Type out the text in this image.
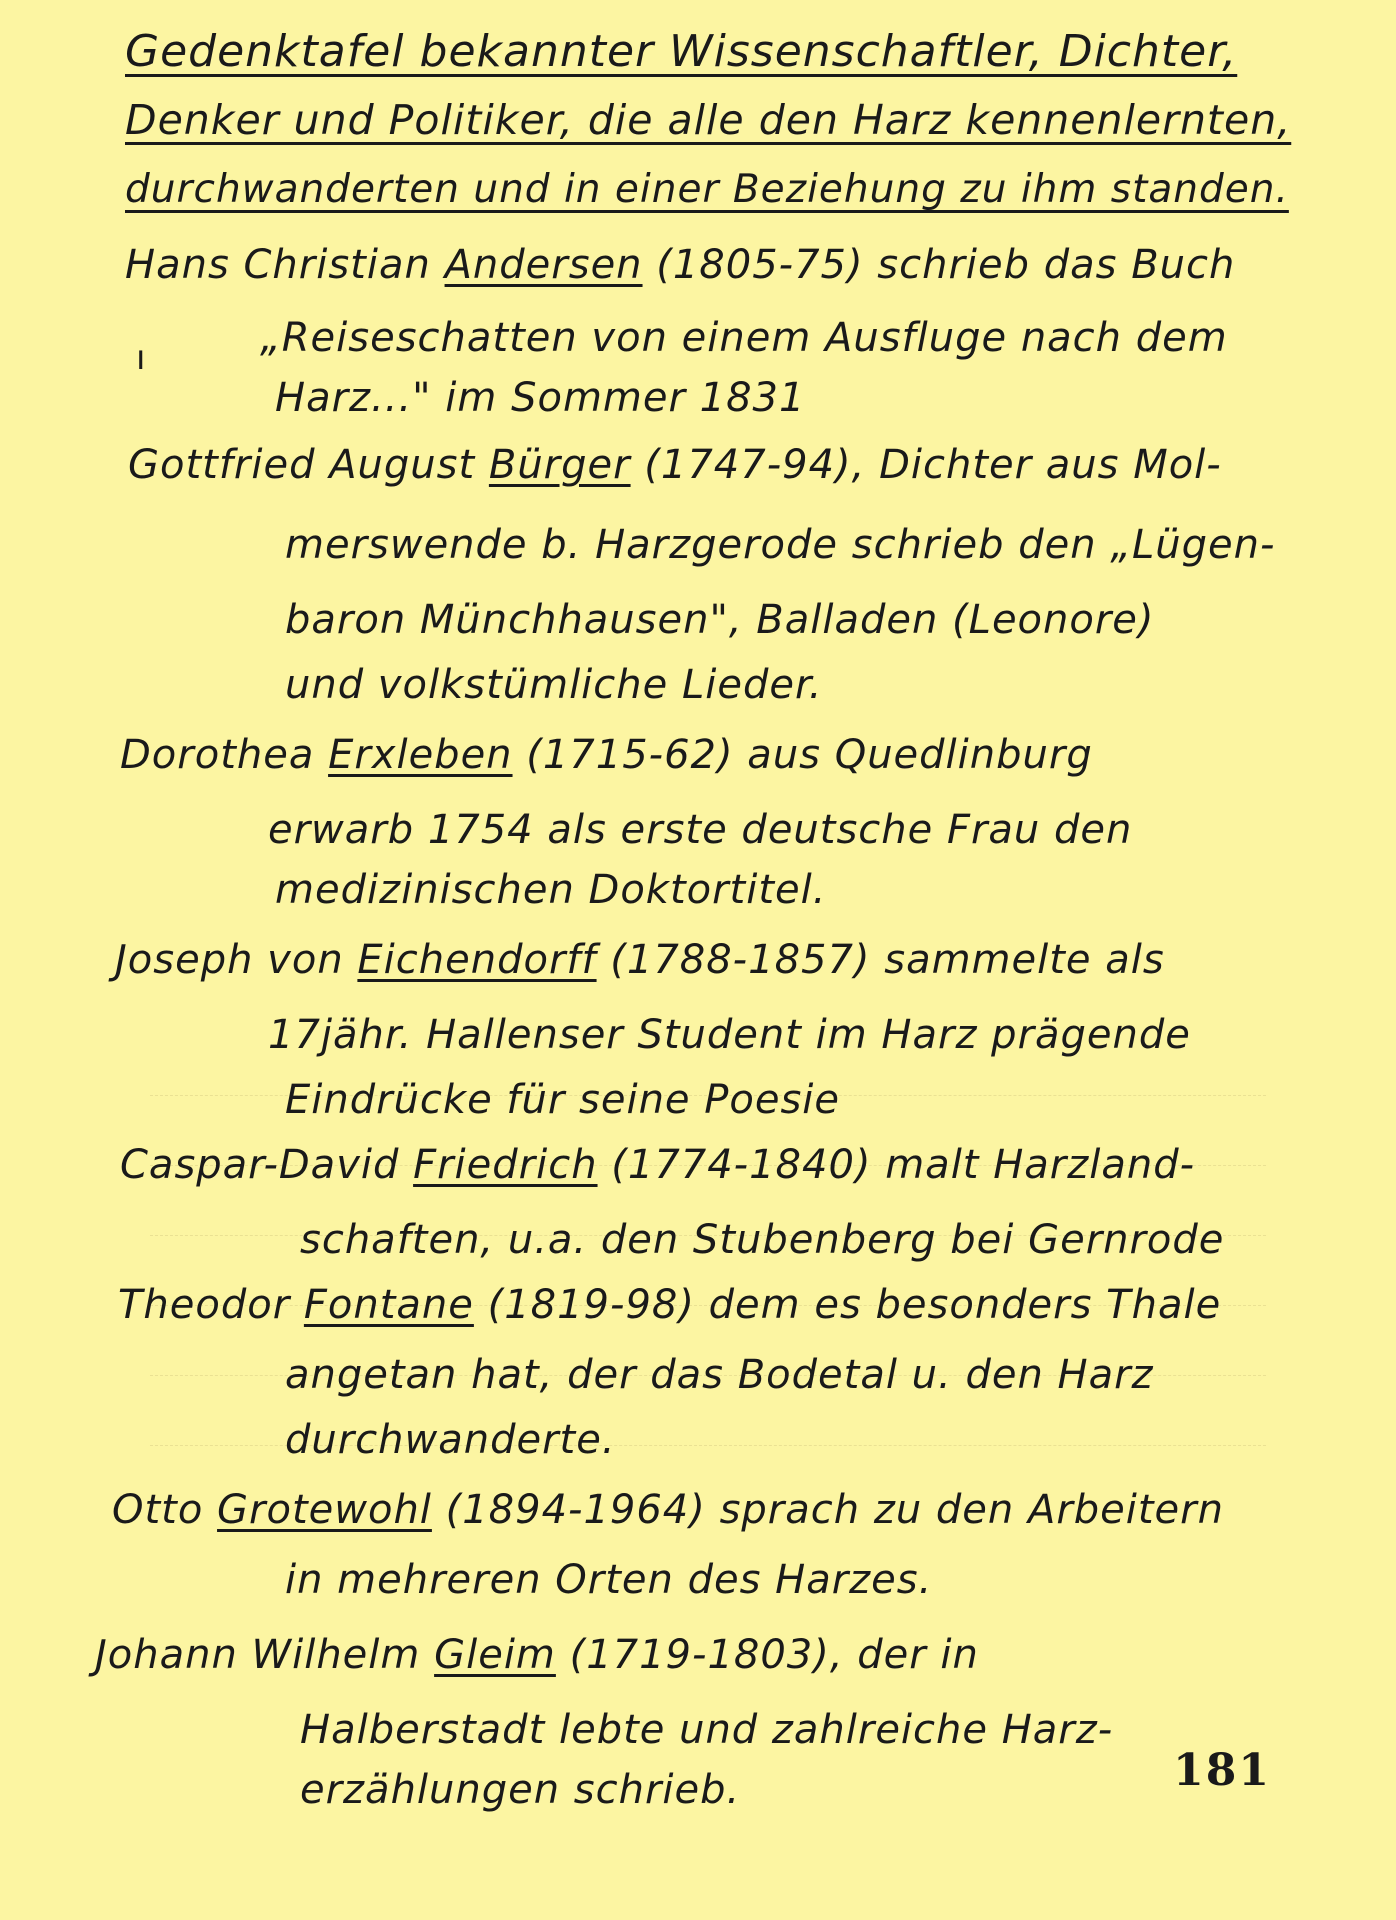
Gedenktafel bekannter Wissenschaftler, Dichter,
Denker und Politiker, die alle den Harz kennenlernten,
durchwanderten und in einer Beziehung zu ihm standen.
Hans Christian Andersen (1805-75) schrieb das Buch
ı	„Reiseschatten von einem Ausfluge nach dem
Harz..." im Sommer 1831
Gottfried August Bürger (1747-94), Dichter aus Mol-
merswende b. Harzgerode schrieb den „Lügen-
baron Münchhausen", Balladen (Leonore)
und volkstümliche Lieder.
Dorothea Erxleben (1715-62) aus Quedlinburg
erwarb 1754 als erste deutsche Frau den
medizinischen Doktortitel.
Joseph von Eichendorff (1788-1857) sammelte als
17jähr. Hallenser Student im Harz prägende
Eindrücke für seine Poesie
Caspar-David Friedrich (1774-1840) malt Harzland-
schaften, u.a. den Stubenberg bei Gernrode
Theodor Fontane (1819-98) dem es besonders Thale
angetan hat, der das Bodetal u. den Harz
durchwanderte.
Otto Grotewohl (1894-1964) sprach zu den Arbeitern
in mehreren Orten des Harzes.
Johann Wilhelm Gleim (1719-1803), der in
Halberstadt lebte und zahlreiche Harz-
erzählungen schrieb.	181
